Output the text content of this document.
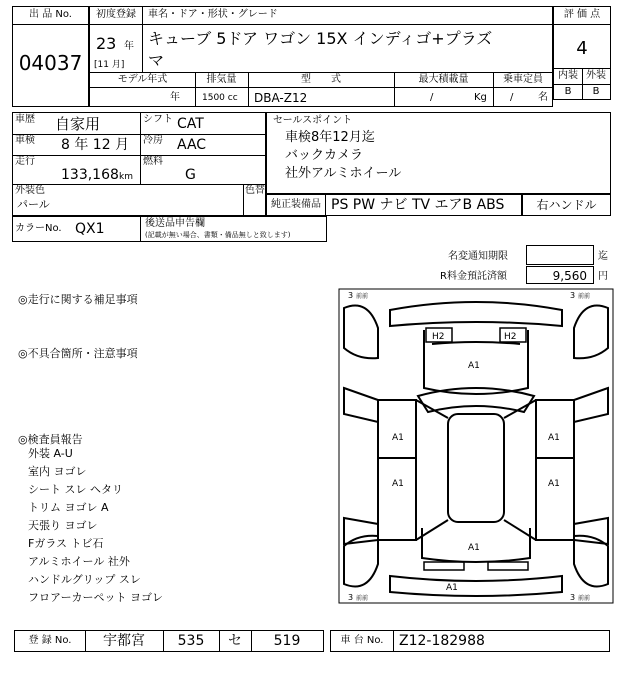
出 品 No.
04037
初度登録
23 年
[11 月]
車名・ドア・形状・グレード
キューブ 5ドア ワゴン 15X インディゴ+プラズ
マ
評 価 点
4
内装 外装
B	B
モデル年式
年
排気量
1500 cc
型　　式
DBA-Z12
最大積載量
/	Kg
乗車定員
/ 名
車歴 自家用	シフト CAT
車検 8 年 12 月 冷房 AAC
走行
133,168 km
燃料
G
外装色
パール
色替
カラーNo. QX1	後送品申告欄
(記載が無い場合、書類・備品無しと致します)
セールスポイント
車検8年12月迄
バックカメラ
社外アルミホイール
純正装備品 PS PW ナビ TV エアB ABS	右ハンドル
名変通知期限	迄
R料金預託済額	9,560 円
◎走行に関する補足事項
◎不具合箇所・注意事項
◎検査員報告
外装 A-U
室内 ヨゴレ
シート スレ ヘタリ
トリム ヨゴレ A
天張り ヨゴレ
Fガラス トビ石
アルミホイール 社外
ハンドルグリップ スレ
フロアーカーペット ヨゴレ
3 前前	3 前前
3 前前	3 前前
H2	H2
A1
A1	A1
A1	A1
A1
A1
登 録 No.	宇都宮	535	セ	519	車 台 No.	Z12-182988
